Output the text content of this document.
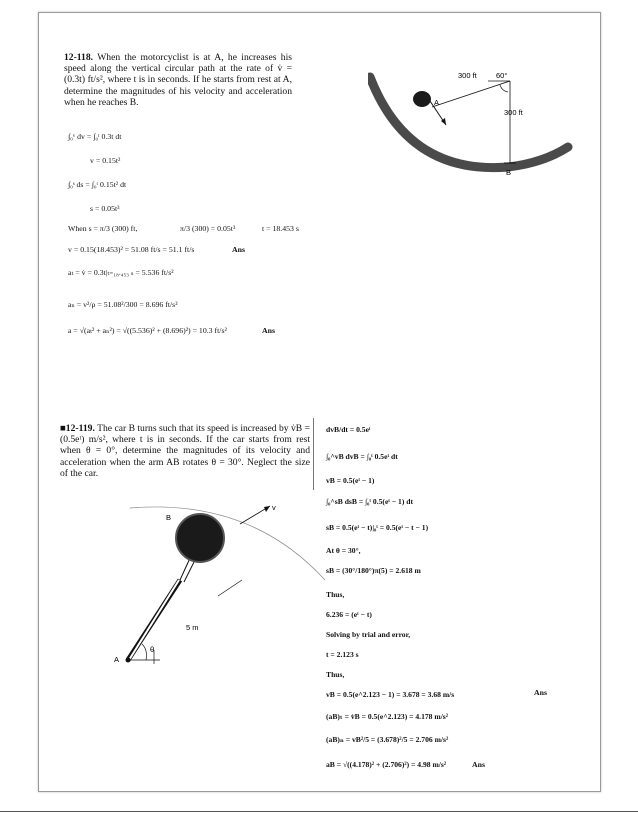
12-118. When the motorcyclist is at A, he increases his speed along the vertical circular path at the rate of v̇ = (0.3t) ft/s², where t is in seconds. If he starts from rest at A, determine the magnitudes of his velocity and acceleration when he reaches B.
300 ft	60°
300 ft
A
B
∫₀ᵛ dv = ∫₀ᵗ 0.3t dt
v = 0.15t²
∫₀ˢ ds = ∫₀ᵗ 0.15t² dt
s = 0.05t³
When s = π/3 (300) ft,	π/3 (300) = 0.05t³	t = 18.453 s
v = 0.15(18.453)² = 51.08 ft/s = 51.1 ft/s	Ans
aₜ = v̇ = 0.3t|ₜ₌₁₈.₄₅₃ ₛ = 5.536 ft/s²
aₙ = v²/ρ = 51.08²/300 = 8.696 ft/s²
a = √(aₜ² + aₙ²) = √((5.536)² + (8.696)²) = 10.3 ft/s²	Ans
■12-119. The car B turns such that its speed is increased by v̇B = (0.5eᵗ) m/s², where t is in seconds. If the car starts from rest when θ = 0°, determine the magnitudes of its velocity and acceleration when the arm AB rotates θ = 30°. Neglect the size of the car.
B
A
θ
5 m
v
dvB/dt = 0.5eᵗ
∫₀^vB dvB = ∫₀ᵗ 0.5eᵗ dt
vB = 0.5(eᵗ − 1)
∫₀^sB dsB = ∫₀ᵗ 0.5(eᵗ − 1) dt
sB = 0.5(eᵗ − t)|₀ᵗ = 0.5(eᵗ − t − 1)
At θ = 30°,
sB = (30°/180°)π(5) = 2.618 m
Thus,
6.236 = (eᵗ − t)
Solving by trial and error,
t = 2.123 s
Thus,
vB = 0.5(e^2.123 − 1) = 3.678 = 3.68 m/s	Ans
(aB)ₜ = v̇B = 0.5(e^2.123) = 4.178 m/s²
(aB)ₙ = vB²/5 = (3.678)²/5 = 2.706 m/s²
aB = √((4.178)² + (2.706)²) = 4.98 m/s²	Ans
